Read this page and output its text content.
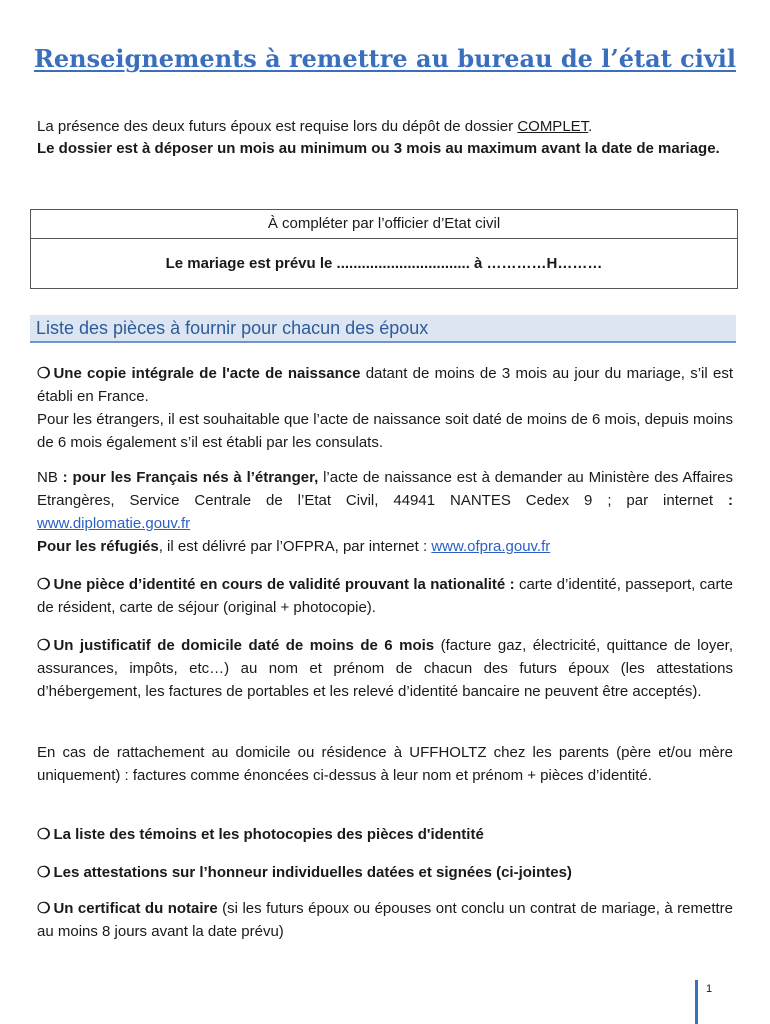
Renseignements à remettre au bureau de l’état civil
La présence des deux futurs époux est requise lors du dépôt de dossier COMPLET.
Le dossier est à déposer un mois au minimum ou 3 mois au maximum avant la date de mariage.
À compléter par l’officier d’Etat civil
Le mariage est prévu le ................................ à …………H………
Liste des pièces à fournir pour chacun des époux
❍ Une copie intégrale de l'acte de naissance datant de moins de 3 mois au jour du mariage, s’il est établi en France.
Pour les étrangers, il est souhaitable que l’acte de naissance soit daté de moins de 6 mois, depuis moins de 6 mois également s’il est établi par les consulats.
NB : pour les Français nés à l’étranger, l’acte de naissance est à demander au Ministère des Affaires Etrangères, Service Centrale de l’Etat Civil, 44941 NANTES Cedex 9 ; par internet : www.diplomatie.gouv.fr
Pour les réfugiés, il est délivré par l’OFPRA, par internet : www.ofpra.gouv.fr
❍ Une pièce d’identité en cours de validité prouvant la nationalité : carte d’identité, passeport, carte de résident, carte de séjour (original + photocopie).
❍ Un justificatif de domicile daté de moins de 6 mois (facture gaz, électricité, quittance de loyer, assurances, impôts, etc…) au nom et prénom de chacun des futurs époux (les attestations d’hébergement, les factures de portables et les relevé d’identité bancaire ne peuvent être acceptés).
En cas de rattachement au domicile ou résidence à UFFHOLTZ chez les parents (père et/ou mère uniquement) : factures comme énoncées ci-dessus à leur nom et prénom + pièces d’identité.
❍ La liste des témoins et les photocopies des pièces d'identité
❍ Les attestations sur l’honneur individuelles datées et signées (ci-jointes)
❍ Un certificat du notaire (si les futurs époux ou épouses ont conclu un contrat de mariage, à remettre au moins 8 jours avant la date prévu)
1
